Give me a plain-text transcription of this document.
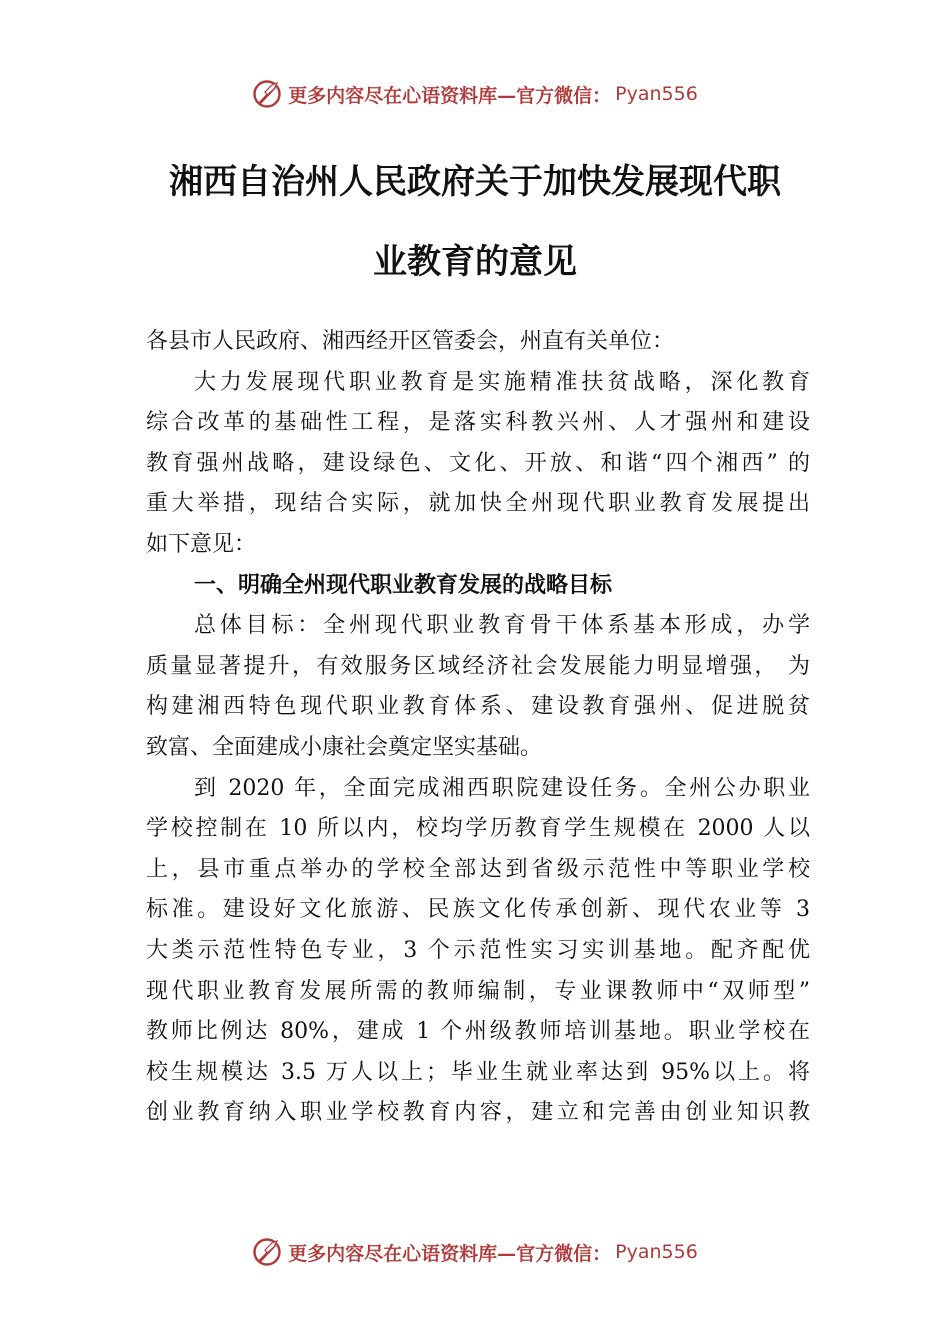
更多内容尽在心语资料库—官方微信： Pyan556
湘西自治州人民政府关于加快发展现代职
业教育的意见
各县市人民政府、湘西经开区管委会，州直有关单位：
大力发展现代职业教育是实施精准扶贫战略，深化教育
综合改革的基础性工程，是落实科教兴州、人才强州和建设
教育强州战略，建设绿色、文化、开放、和谐“四个湘西” 的
重大举措，现结合实际，就加快全州现代职业教育发展提出
如下意见：
一、明确全州现代职业教育发展的战略目标
总体目标：全州现代职业教育骨干体系基本形成，办学
质量显著提升，有效服务区域经济社会发展能力明显增强， 为
构建湘西特色现代职业教育体系、建设教育强州、促进脱贫
致富、全面建成小康社会奠定坚实基础。
到 2020 年，全面完成湘西职院建设任务。全州公办职业
学校控制在 10 所以内，校均学历教育学生规模在 2000 人以
上，县市重点举办的学校全部达到省级示范性中等职业学校
标准。建设好文化旅游、民族文化传承创新、现代农业等 3
大类示范性特色专业，3 个示范性实习实训基地。配齐配优
现代职业教育发展所需的教师编制，专业课教师中“双师型”
教师比例达 80%，建成 1 个州级教师培训基地。职业学校在
校生规模达 3.5 万人以上；毕业生就业率达到 95%以上。将
创业教育纳入职业学校教育内容，建立和完善由创业知识教
更多内容尽在心语资料库—官方微信： Pyan556
